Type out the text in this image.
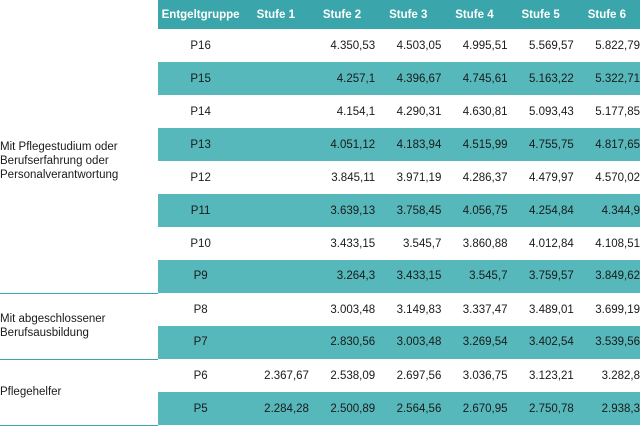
	Entgeltgruppe	Stufe 1	Stufe 2	Stufe 3	Stufe 4	Stufe 5	Stufe 6
Mit Pflegestudium oder Berufserfahrung oder Personalverantwortung	P16		4.350,53	4.503,05	4.995,51	5.569,57	5.822,79
	P15		4.257,1	4.396,67	4.745,61	5.163,22	5.322,71
	P14		4.154,1	4.290,31	4.630,81	5.093,43	5.177,85
	P13		4.051,12	4.183,94	4.515,99	4.755,75	4.817,65
	P12		3.845,11	3.971,19	4.286,37	4.479,97	4.570,02
	P11		3.639,13	3.758,45	4.056,75	4.254,84	4.344,9
	P10		3.433,15	3.545,7	3.860,88	4.012,84	4.108,51
	P9		3.264,3	3.433,15	3.545,7	3.759,57	3.849,62
Mit abgeschlossener Berufsausbildung	P8		3.003,48	3.149,83	3.337,47	3.489,01	3.699,19
	P7		2.830,56	3.003,48	3.269,54	3.402,54	3.539,56
Pflegehelfer	P6	2.367,67	2.538,09	2.697,56	3.036,75	3.123,21	3.282,8
	P5	2.284,28	2.500,89	2.564,56	2.670,95	2.750,78	2.938,3
